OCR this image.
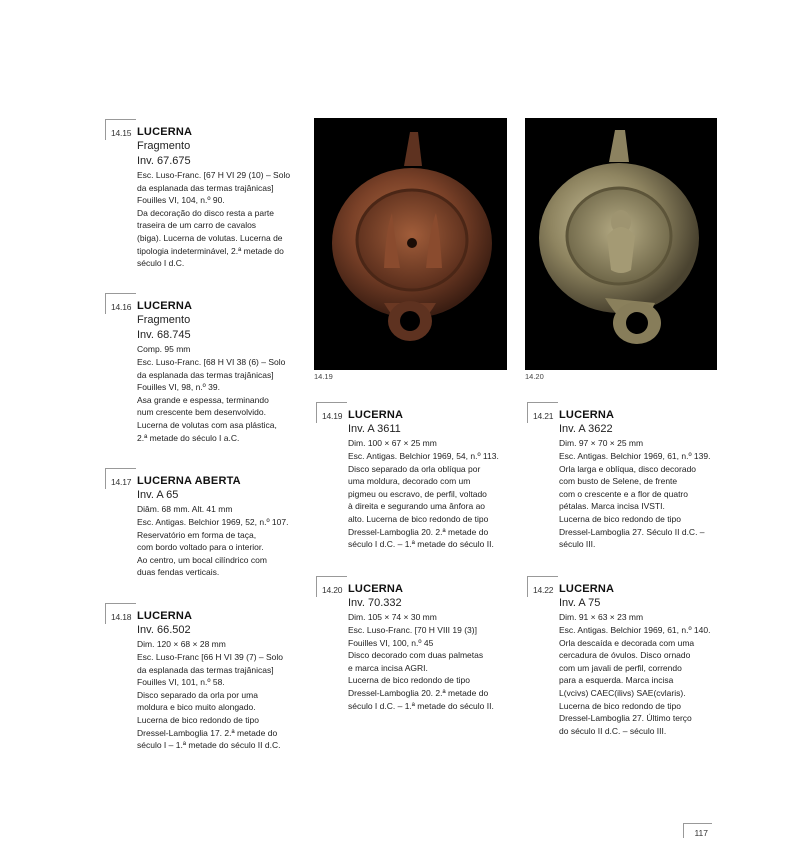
14.15 LUCERNA
Fragmento
Inv. 67.675
Esc. Luso-Franc. [67 H VI 29 (10) – Solo
da esplanada das termas trajânicas]
Fouilles VI, 104, n.º 90.
Da decoração do disco resta a parte
traseira de um carro de cavalos
(biga). Lucerna de volutas. Lucerna de
tipologia indeterminável, 2.ª metade do
século I d.C.
14.16 LUCERNA
Fragmento
Inv. 68.745
Comp. 95 mm
Esc. Luso-Franc. [68 H VI 38 (6) – Solo
da esplanada das termas trajânicas]
Fouilles VI, 98, n.º 39.
Asa grande e espessa, terminando
num crescente bem desenvolvido.
Lucerna de volutas com asa plástica,
2.ª metade do século I a.C.
14.17 LUCERNA ABERTA
Inv. A 65
Diâm. 68 mm. Alt. 41 mm
Esc. Antigas. Belchior 1969, 52, n.º 107.
Reservatório em forma de taça,
com bordo voltado para o interior.
Ao centro, um bocal cilíndrico com
duas fendas verticais.
14.18 LUCERNA
Inv. 66.502
Dim. 120 × 68 × 28 mm
Esc. Luso-Franc [66 H VI 39 (7) – Solo
da esplanada das termas trajânicas]
Fouilles VI, 101, n.º 58.
Disco separado da orla por uma
moldura e bico muito alongado.
Lucerna de bico redondo de tipo
Dressel-Lamboglia 17. 2.ª metade do
século I – 1.ª metade do século II d.C.
14.19	14.20
14.19 LUCERNA
Inv. A 3611
Dim. 100 × 67 × 25 mm
Esc. Antigas. Belchior 1969, 54, n.º 113.
Disco separado da orla oblíqua por
uma moldura, decorado com um
pigmeu ou escravo, de perfil, voltado
à direita e segurando uma ânfora ao
alto. Lucerna de bico redondo de tipo
Dressel-Lamboglia 20. 2.ª metade do
século I d.C. – 1.ª metade do século II.
14.20 LUCERNA
Inv. 70.332
Dim. 105 × 74 × 30 mm
Esc. Luso-Franc. [70 H VIII 19 (3)]
Fouilles VI, 100, n.º 45
Disco decorado com duas palmetas
e marca incisa AGRI.
Lucerna de bico redondo de tipo
Dressel-Lamboglia 20. 2.ª metade do
século I d.C. – 1.ª metade do século II.
14.21 LUCERNA
Inv. A 3622
Dim. 97 × 70 × 25 mm
Esc. Antigas. Belchior 1969, 61, n.º 139.
Orla larga e oblíqua, disco decorado
com busto de Selene, de frente
com o crescente e a flor de quatro
pétalas. Marca incisa IVSTI.
Lucerna de bico redondo de tipo
Dressel-Lamboglia 27. Século II d.C. –
século III.
14.22 LUCERNA
Inv. A 75
Dim. 91 × 63 × 23 mm
Esc. Antigas. Belchior 1969, 61, n.º 140.
Orla descaída e decorada com uma
cercadura de óvulos. Disco ornado
com um javali de perfil, correndo
para a esquerda. Marca incisa
L(vcivs) CAEC(ilivs) SAE(cvlaris).
Lucerna de bico redondo de tipo
Dressel-Lamboglia 27. Último terço
do século II d.C. – século III.
117
